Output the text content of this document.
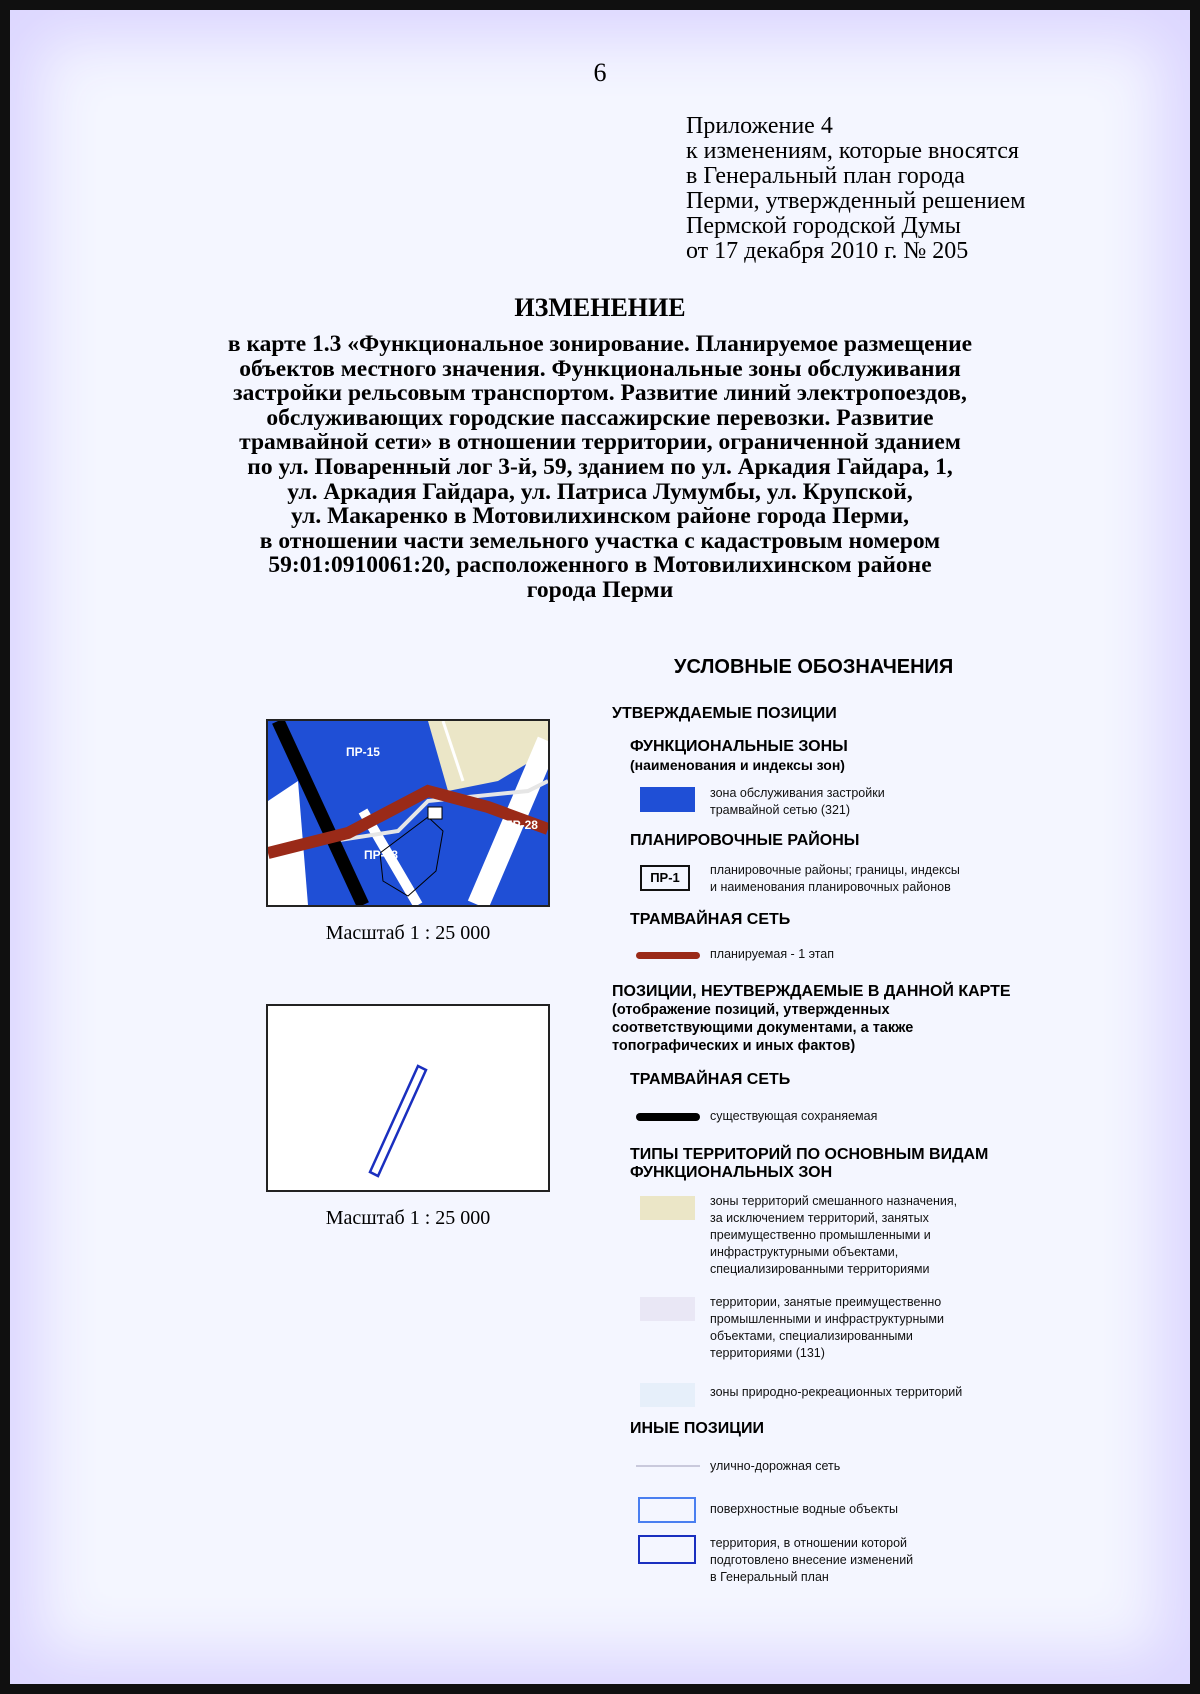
6
Приложение 4
к изменениям, которые вносятся
в Генеральный план города
Перми, утвержденный решением
Пермской городской Думы
от 17 декабря 2010 г. № 205
ИЗМЕНЕНИЕ
в карте 1.3 «Функциональное зонирование. Планируемое размещение
объектов местного значения. Функциональные зоны обслуживания
застройки рельсовым транспортом. Развитие линий электропоездов,
обслуживающих городские пассажирские перевозки. Развитие
трамвайной сети» в отношении территории, ограниченной зданием
по ул. Поваренный лог 3-й, 59, зданием по ул. Аркадия Гайдара, 1,
ул. Аркадия Гайдара, ул. Патриса Лумумбы, ул. Крупской,
ул. Макаренко в Мотовилихинском районе города Перми,
в отношении части земельного участка с кадастровым номером
59:01:0910061:20, расположенного в Мотовилихинском районе
города Перми
ПР-15
ПР-18
ПР-28
Масштаб 1 : 25 000
Масштаб 1 : 25 000
УСЛОВНЫЕ ОБОЗНАЧЕНИЯ
УТВЕРЖДАЕМЫЕ ПОЗИЦИИ
ФУНКЦИОНАЛЬНЫЕ ЗОНЫ
(наименования и индексы зон)
зона обслуживания застройки
трамвайной сетью (321)
ПЛАНИРОВОЧНЫЕ РАЙОНЫ
ПР-1	планировочные районы; границы, индексы
и наименования планировочных районов
ТРАМВАЙНАЯ СЕТЬ
планируемая - 1 этап
ПОЗИЦИИ, НЕУТВЕРЖДАЕМЫЕ В ДАННОЙ КАРТЕ
(отображение позиций, утвержденных
соответствующими документами, а также
топографических и иных фактов)
ТРАМВАЙНАЯ СЕТЬ
существующая сохраняемая
ТИПЫ ТЕРРИТОРИЙ ПО ОСНОВНЫМ ВИДАМ
ФУНКЦИОНАЛЬНЫХ ЗОН
зоны территорий смешанного назначения,
за исключением территорий, занятых
преимущественно промышленными и
инфраструктурными объектами,
специализированными территориями
территории, занятые преимущественно
промышленными и инфраструктурными
объектами, специализированными
территориями (131)
зоны природно-рекреационных территорий
ИНЫЕ ПОЗИЦИИ
улично-дорожная сеть
поверхностные водные объекты
территория, в отношении которой
подготовлено внесение изменений
в Генеральный план
